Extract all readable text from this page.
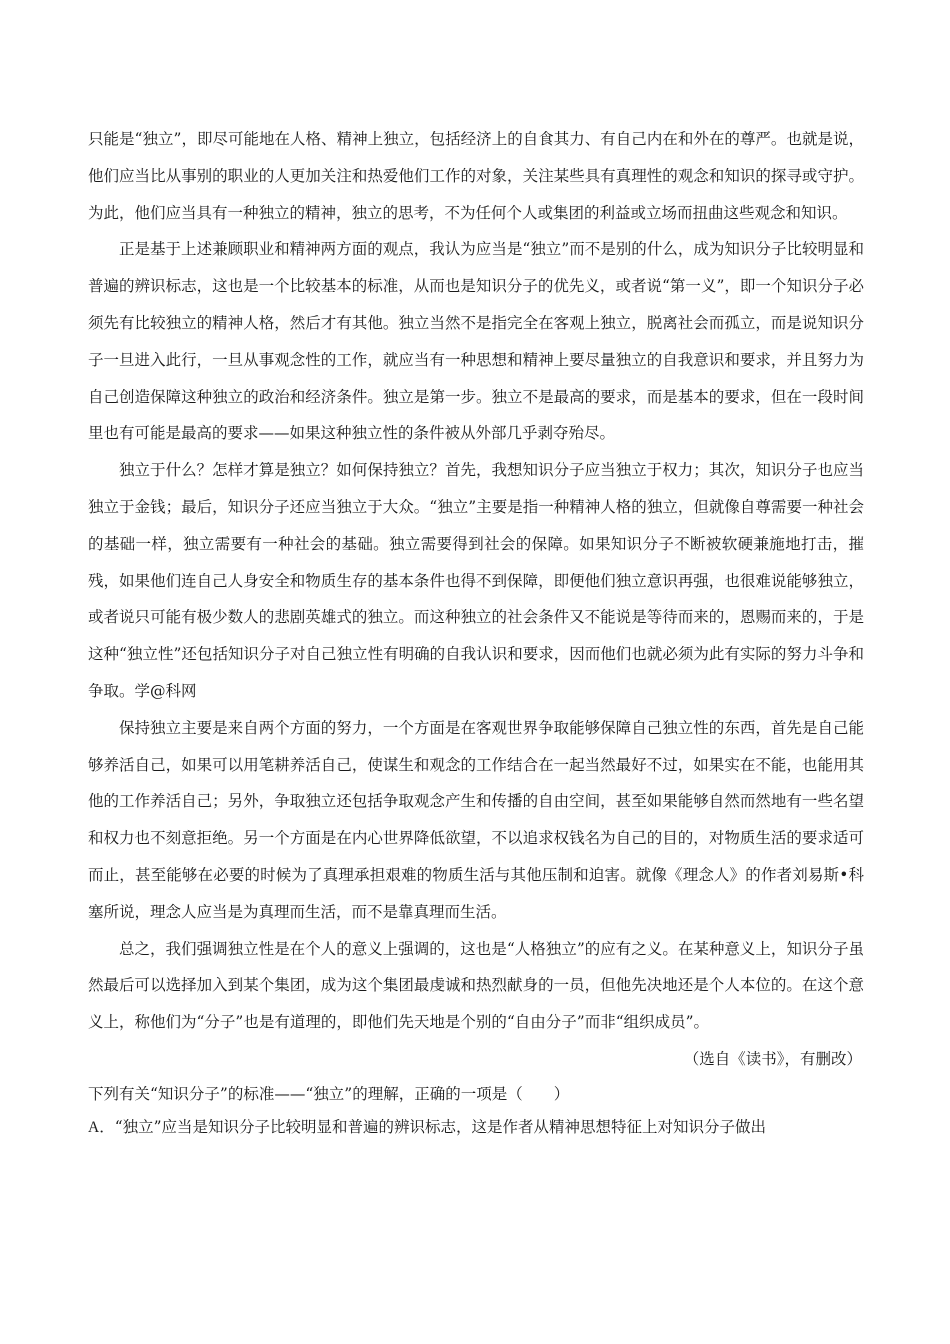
只能是“独立”，即尽可能地在人格、精神上独立，包括经济上的自食其力、有自己内在和外在的尊严。也就是说，他们应当比从事别的职业的人更加关注和热爱他们工作的对象，关注某些具有真理性的观念和知识的探寻或守护。为此，他们应当具有一种独立的精神，独立的思考，不为任何个人或集团的利益或立场而扭曲这些观念和知识。

正是基于上述兼顾职业和精神两方面的观点，我认为应当是“独立”而不是别的什么，成为知识分子比较明显和普遍的辨识标志，这也是一个比较基本的标准，从而也是知识分子的优先义，或者说“第一义”，即一个知识分子必须先有比较独立的精神人格，然后才有其他。独立当然不是指完全在客观上独立，脱离社会而孤立，而是说知识分子一旦进入此行，一旦从事观念性的工作，就应当有一种思想和精神上要尽量独立的自我意识和要求，并且努力为自己创造保障这种独立的政治和经济条件。独立是第一步。独立不是最高的要求，而是基本的要求，但在一段时间里也有可能是最高的要求——如果这种独立性的条件被从外部几乎剥夺殆尽。

独立于什么？怎样才算是独立？如何保持独立？首先，我想知识分子应当独立于权力；其次，知识分子也应当独立于金钱；最后，知识分子还应当独立于大众。“独立”主要是指一种精神人格的独立，但就像自尊需要一种社会的基础一样，独立需要有一种社会的基础。独立需要得到社会的保障。如果知识分子不断被软硬兼施地打击，摧残，如果他们连自己人身安全和物质生存的基本条件也得不到保障，即便他们独立意识再强，也很难说能够独立，或者说只可能有极少数人的悲剧英雄式的独立。而这种独立的社会条件又不能说是等待而来的，恩赐而来的，于是这种“独立性”还包括知识分子对自己独立性有明确的自我认识和要求，因而他们也就必须为此有实际的努力斗争和争取。学@科网

保持独立主要是来自两个方面的努力，一个方面是在客观世界争取能够保障自己独立性的东西，首先是自己能够养活自己，如果可以用笔耕养活自己，使谋生和观念的工作结合在一起当然最好不过，如果实在不能，也能用其他的工作养活自己；另外，争取独立还包括争取观念产生和传播的自由空间，甚至如果能够自然而然地有一些名望和权力也不刻意拒绝。另一个方面是在内心世界降低欲望，不以追求权钱名为自己的目的，对物质生活的要求适可而止，甚至能够在必要的时候为了真理承担艰难的物质生活与其他压制和迫害。就像《理念人》的作者刘易斯•科塞所说，理念人应当是为真理而生活，而不是靠真理而生活。

总之，我们强调独立性是在个人的意义上强调的，这也是“人格独立”的应有之义。在某种意义上，知识分子虽然最后可以选择加入到某个集团，成为这个集团最虔诚和热烈献身的一员，但他先决地还是个人本位的。在这个意义上，称他们为“分子”也是有道理的，即他们先天地是个别的“自由分子”而非“组织成员”。

（选自《读书》，有删改）

下列有关“知识分子”的标准——“独立”的理解，正确的一项是（　　）

A．“独立”应当是知识分子比较明显和普遍的辨识标志，这是作者从精神思想特征上对知识分子做出
